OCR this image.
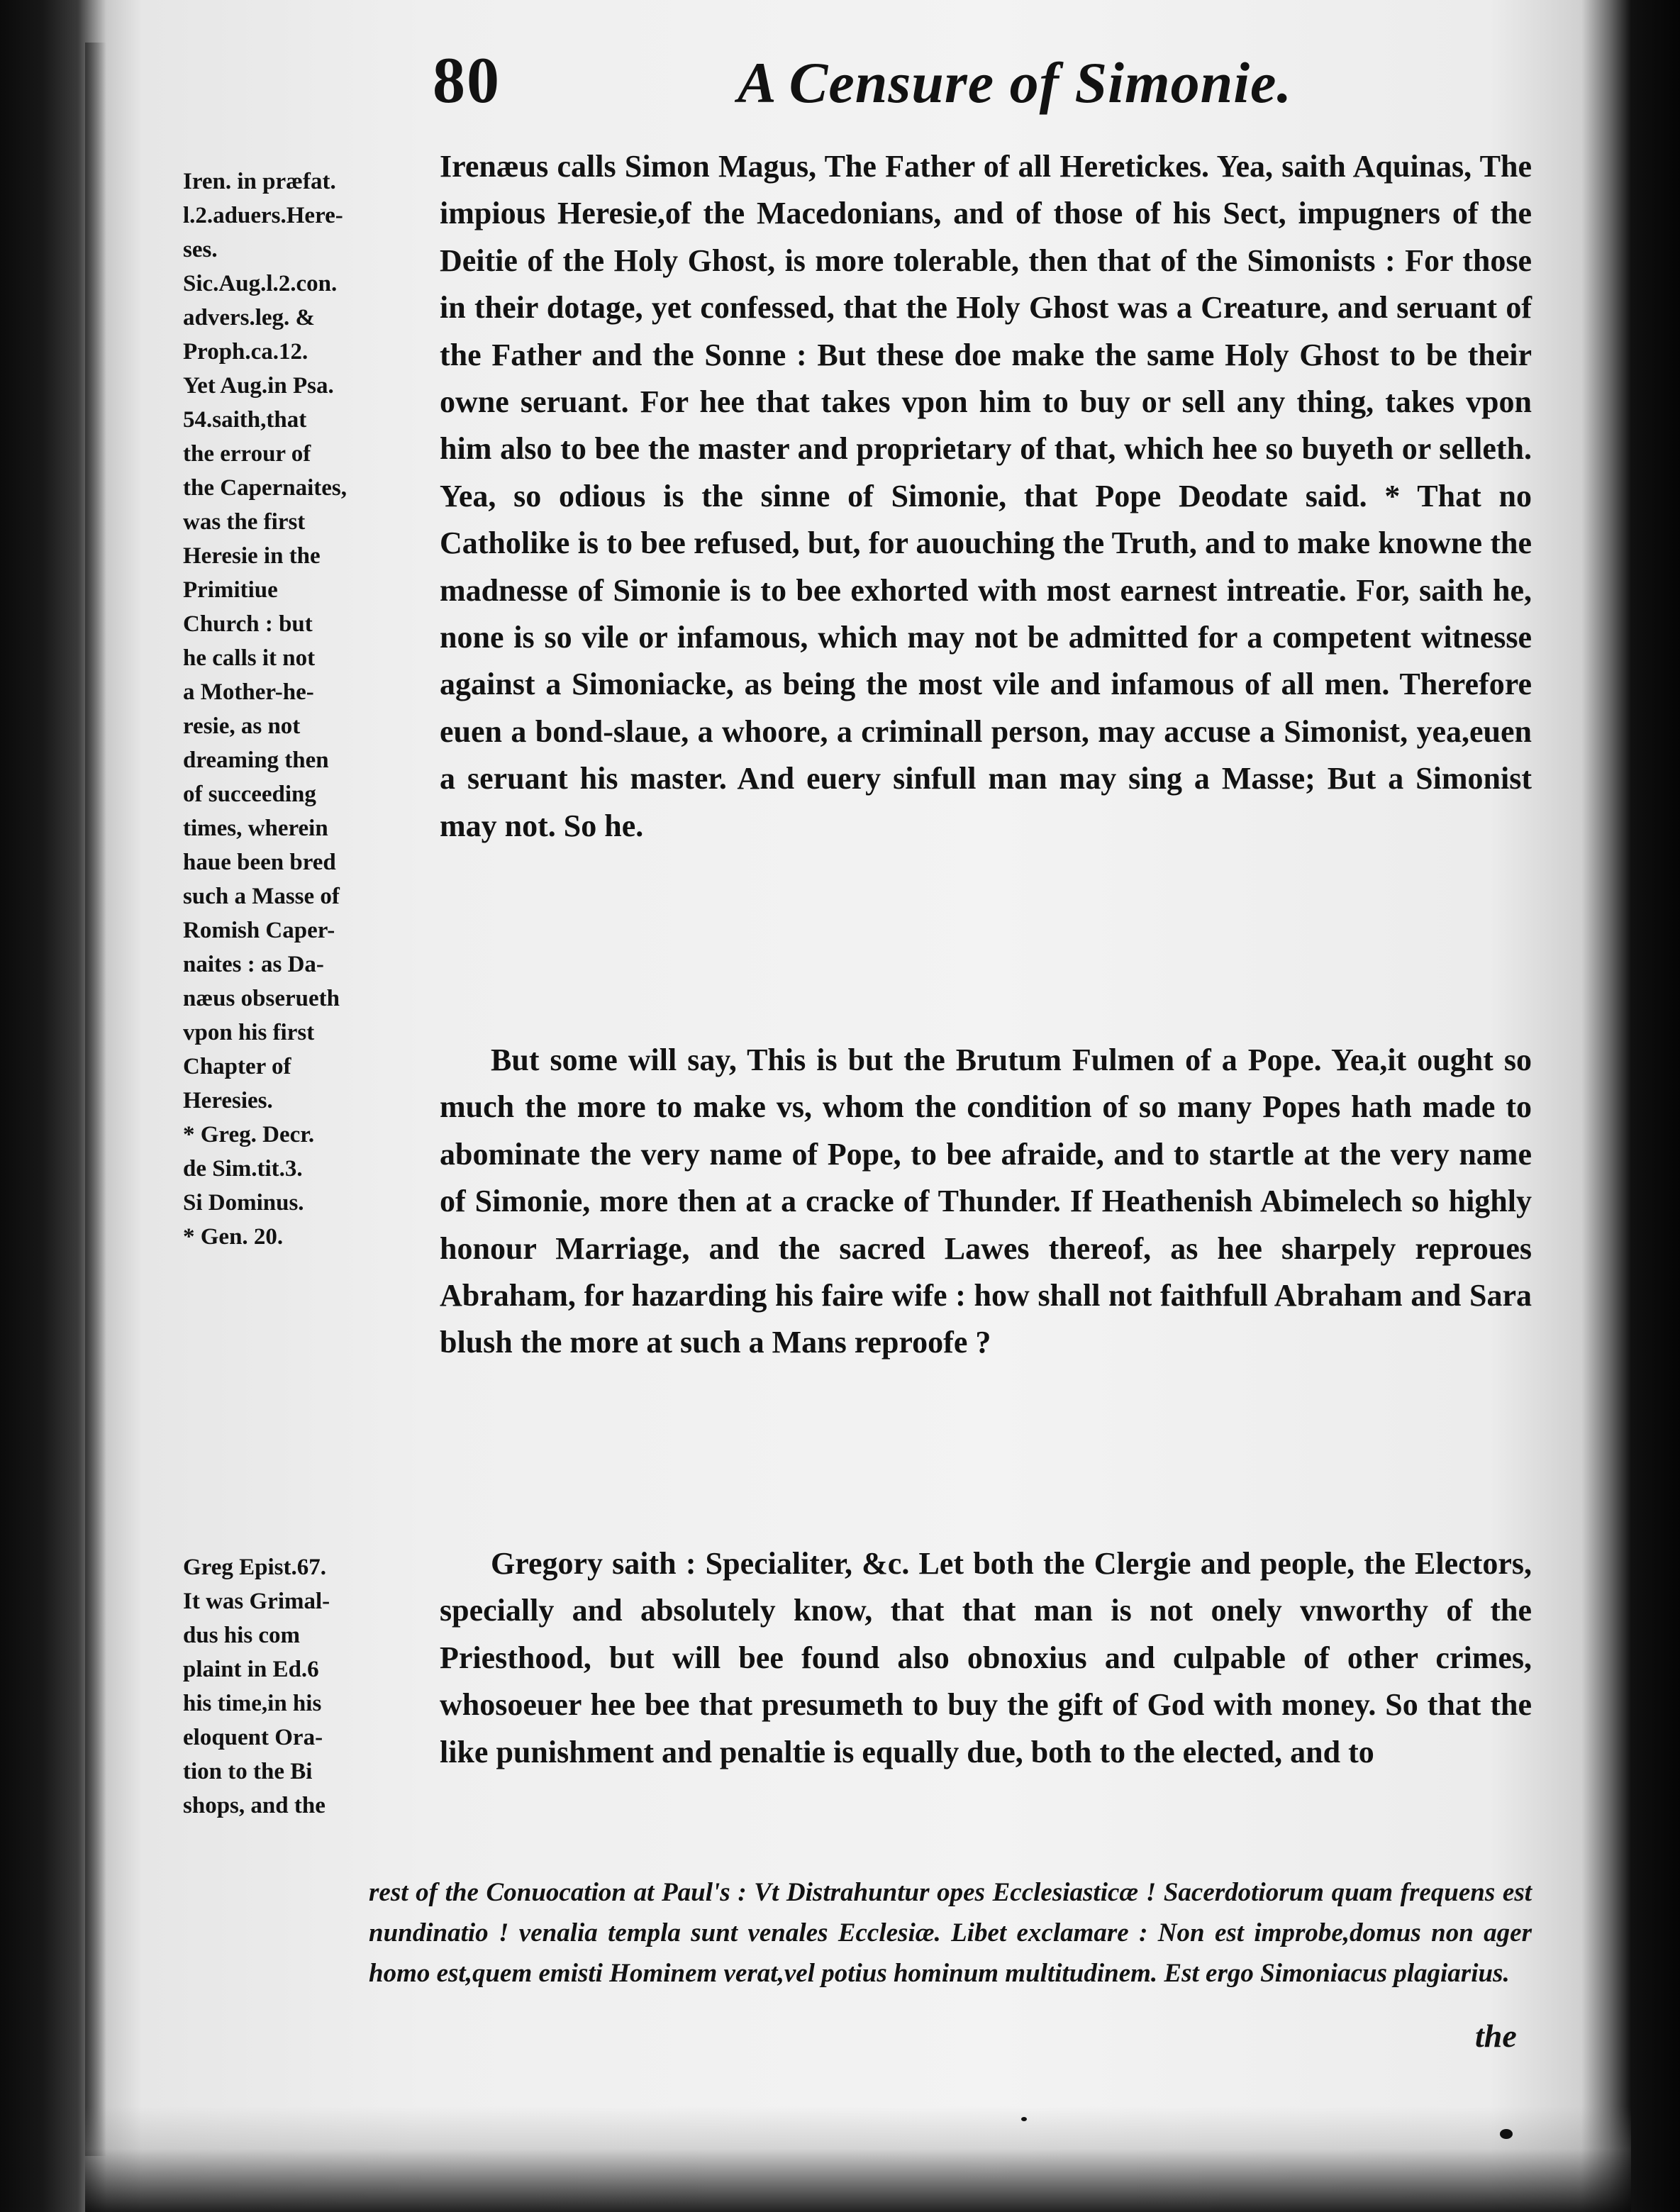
80	A Censure of Simonie.

Iren. in præfat.
l.2.aduers.Here-
ses.

Sic.Aug.l.2.con.
advers.leg. &
Proph.ca.12.

Yet Aug.in Psa.
54.saith,that
the errour of
the Capernaites,
was the first
Heresie in the
Primitiue
Church : but
he calls it not
a Mother-he-
resie, as not
dreaming then
of succeeding
times, wherein
haue been bred
such a Masse of
Romish Caper-
naites : as Da-
næus obserueth
vpon his first
Chapter of
Heresies.

* Greg. Decr.
de Sim.tit.3.
Si Dominus.

* Gen. 20.

Greg Epist.67.
It was Grimal-
dus his com
plaint in Ed.6
his time,in his
eloquent Ora-
tion to the Bi
shops, and the

Irenæus calls Simon Magus, The Father of all Heretickes. Yea, saith Aquinas, The impious Heresie,of the Macedonians, and of those of his Sect, impugners of the Deitie of the Holy Ghost, is more tolerable, then that of the Simonists : For those in their dotage, yet confessed, that the Holy Ghost was a Creature, and seruant of the Father and the Sonne : But these doe make the same Holy Ghost to be their owne seruant. For hee that takes vpon him to buy or sell any thing, takes vpon him also to bee the master and proprietary of that, which hee so buyeth or selleth. Yea, so odious is the sinne of Simonie, that Pope Deodate said. * That no Catholike is to bee refused, but, for auouching the Truth, and to make knowne the madnesse of Simonie is to bee exhorted with most earnest intreatie. For, saith he, none is so vile or infamous, which may not be admitted for a competent witnesse against a Simoniacke, as being the most vile and infamous of all men. Therefore euen a bond-slaue, a whoore, a criminall person, may accuse a Simonist, yea,euen a seruant his master. And euery sinfull man may sing a Masse; But a Simonist may not. So he.

But some will say, This is but the Brutum Fulmen of a Pope. Yea,it ought so much the more to make vs, whom the condition of so many Popes hath made to abominate the very name of Pope, to bee afraide, and to startle at the very name of Simonie, more then at a cracke of Thunder. If Heathenish Abimelech so highly honour Marriage, and the sacred Lawes thereof, as hee sharpely reproues Abraham, for hazarding his faire wife : how shall not faithfull Abraham and Sara blush the more at such a Mans reproofe ?

Gregory saith : Specialiter, &c. Let both the Clergie and people, the Electors, specially and absolutely know, that that man is not onely vnworthy of the Priesthood, but will bee found also obnoxius and culpable of other crimes, whosoeuer hee bee that presumeth to buy the gift of God with money. So that the like punishment and penaltie is equally due, both to the elected, and to

rest of the Conuocation at Paul's : Vt Distrahuntur opes Ecclesiasticæ ! Sacerdotiorum quam frequens est nundinatio ! venalia templa sunt venales Ecclesiæ. Libet exclamare : Non est improbe,domus non ager homo est,quem emisti Hominem verat,vel potius hominum multitudinem. Est ergo Simoniacus plagiarius.
the
